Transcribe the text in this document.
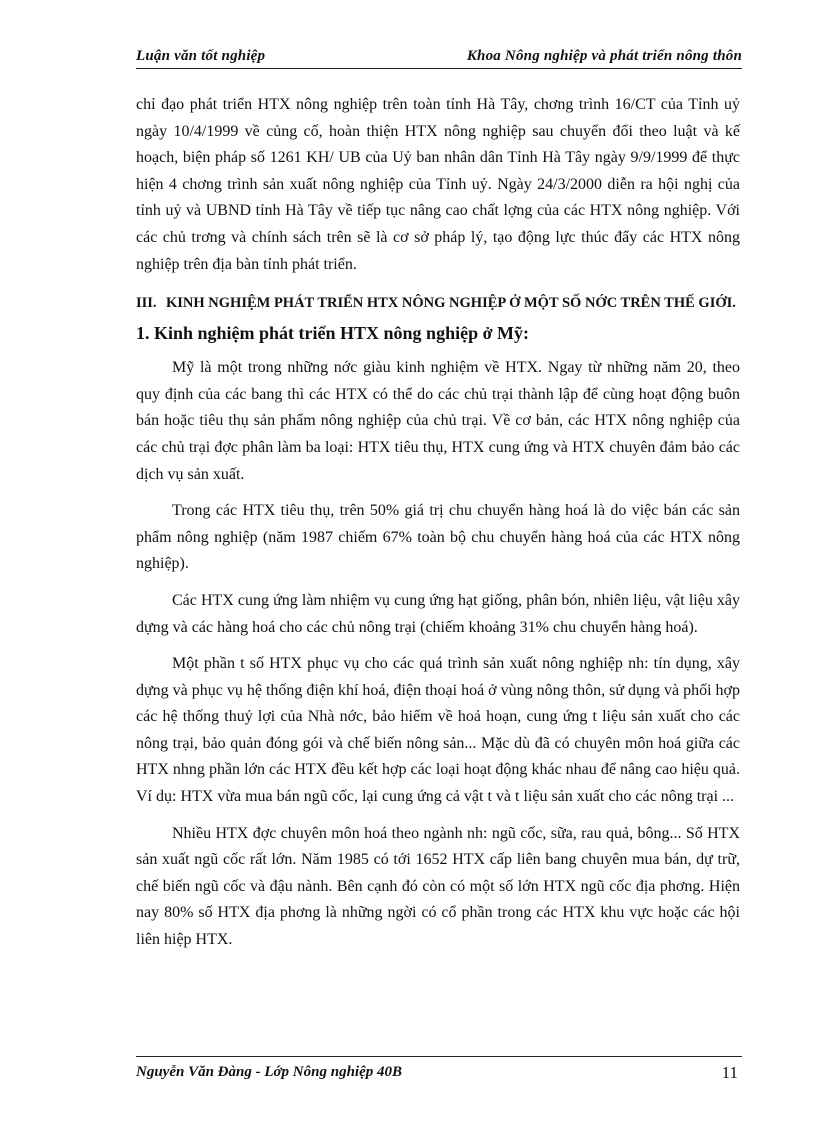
Luận văn tốt nghiệp	Khoa Nông nghiệp và phát triển nông thôn

chỉ đạo phát triển HTX nông nghiệp trên toàn tỉnh Hà Tây, chơng trình 16/CT của Tỉnh uỷ ngày 10/4/1999 về củng cố, hoàn thiện HTX nông nghiệp sau chuyển đổi theo luật và kế hoạch, biện pháp số 1261 KH/ UB của Uỷ ban nhân dân Tỉnh Hà Tây ngày 9/9/1999 để thực hiện 4 chơng trình sản xuất nông nghiệp của Tỉnh uỷ. Ngày 24/3/2000 diễn ra hội nghị của tỉnh uỷ và UBND tỉnh Hà Tây về tiếp tục nâng cao chất lợng của các HTX nông nghiệp. Với các chủ trơng và chính sách trên sẽ là cơ sở pháp lý, tạo động lực thúc đẩy các HTX nông nghiệp trên địa bàn tỉnh phát triển.

III. KINH NGHIỆM PHÁT TRIỂN HTX NÔNG NGHIỆP Ở MỘT SỐ NỚC TRÊN THẾ GIỚI.
1. Kinh nghiệm phát triển HTX nông nghiệp ở Mỹ:

Mỹ là một trong những nớc giàu kinh nghiệm về HTX. Ngay từ những năm 20, theo quy định của các bang thì các HTX có thể do các chủ trại thành lập để cùng hoạt động buôn bán hoặc tiêu thụ sản phẩm nông nghiệp của chủ trại. Về cơ bản, các HTX nông nghiệp của các chủ trại đợc phân làm ba loại: HTX tiêu thụ, HTX cung ứng và HTX chuyên đảm bảo các dịch vụ sản xuất.

Trong các HTX tiêu thụ, trên 50% giá trị chu chuyển hàng hoá là do việc bán các sản phẩm nông nghiệp (năm 1987 chiếm 67% toàn bộ chu chuyển hàng hoá của các HTX nông nghiệp).

Các HTX cung ứng làm nhiệm vụ cung ứng hạt giống, phân bón, nhiên liệu, vật liệu xây dựng và các hàng hoá cho các chủ nông trại (chiếm khoảng 31% chu chuyển hàng hoá).

Một phần t số HTX phục vụ cho các quá trình sản xuất nông nghiệp nh: tín dụng, xây dựng và phục vụ hệ thống điện khí hoá, điện thoại hoá ở vùng nông thôn, sử dụng và phối hợp các hệ thống thuỷ lợi của Nhà nớc, bảo hiểm về hoả hoạn, cung ứng t liệu sản xuất cho các nông trại, bảo quản đóng gói và chế biến nông sản... Mặc dù đã có chuyên môn hoá giữa các HTX nhng phần lớn các HTX đều kết hợp các loại hoạt động khác nhau để nâng cao hiệu quả. Ví dụ: HTX vừa mua bán ngũ cốc, lại cung ứng cả vật t và t liệu sản xuất cho các nông trại ...

Nhiều HTX đợc chuyên môn hoá theo ngành nh: ngũ cốc, sữa, rau quả, bông... Số HTX sản xuất ngũ cốc rất lớn. Năm 1985 có tới 1652 HTX cấp liên bang chuyên mua bán, dự trữ, chế biến ngũ cốc và đậu nành. Bên cạnh đó còn có một số lớn HTX ngũ cốc địa phơng. Hiện nay 80% số HTX địa phơng là những ngời có cổ phần trong các HTX khu vực hoặc các hội liên hiệp HTX.

Nguyễn Văn Đàng - Lớp Nông nghiệp 40B	11
